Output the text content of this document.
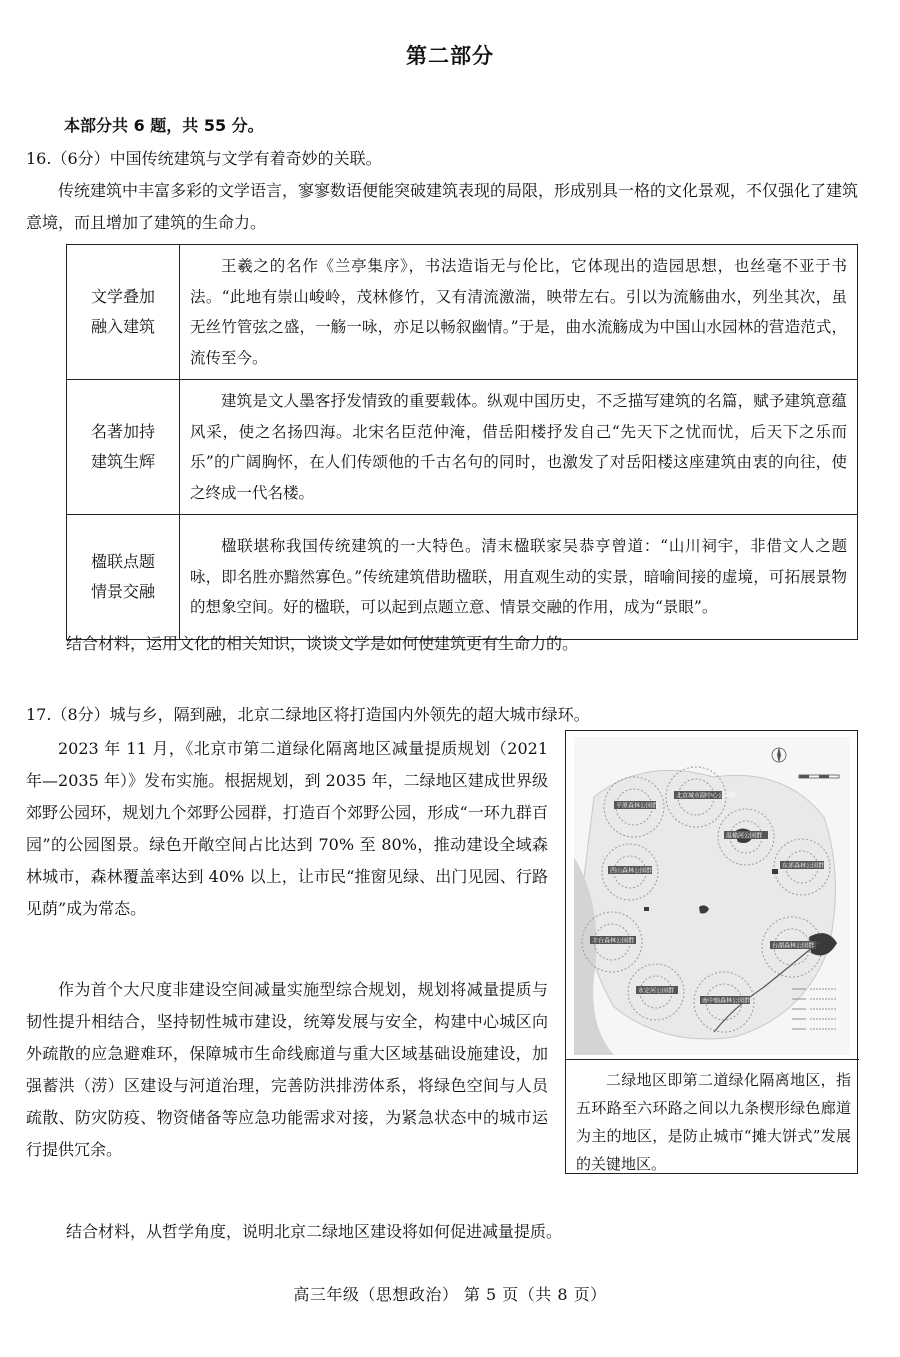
第二部分
本部分共 6 题，共 55 分。
16.（6分）中国传统建筑与文学有着奇妙的关联。
传统建筑中丰富多彩的文学语言，寥寥数语便能突破建筑表现的局限，形成别具一格的文化景观，不仅强化了建筑意境，而且增加了建筑的生命力。
文学叠加
融入建筑	王羲之的名作《兰亭集序》，书法造诣无与伦比，它体现出的造园思想，也丝毫不亚于书法。“此地有崇山峻岭，茂林修竹，又有清流激湍，映带左右。引以为流觞曲水，列坐其次，虽无丝竹管弦之盛，一觞一咏，亦足以畅叙幽情。”于是，曲水流觞成为中国山水园林的营造范式，流传至今。

名著加持
建筑生辉	建筑是文人墨客抒发情致的重要载体。纵观中国历史，不乏描写建筑的名篇，赋予建筑意蕴风采，使之名扬四海。北宋名臣范仲淹，借岳阳楼抒发自己“先天下之忧而忧，后天下之乐而乐”的广阔胸怀，在人们传颂他的千古名句的同时，也激发了对岳阳楼这座建筑由衷的向往，使之终成一代名楼。

楹联点题
情景交融	楹联堪称我国传统建筑的一大特色。清末楹联家吴恭亨曾道：“山川祠宇，非借文人之题咏，即名胜亦黯然寡色。”传统建筑借助楹联，用直观生动的实景，暗喻间接的虚境，可拓展景物的想象空间。好的楹联，可以起到点题立意、情景交融的作用，成为“景眼”。
结合材料，运用文化的相关知识，谈谈文学是如何使建筑更有生命力的。
17.（8分）城与乡，隔到融，北京二绿地区将打造国内外领先的超大城市绿环。
2023 年 11 月，《北京市第二道绿化隔离地区减量提质规划（2021 年—2035 年）》发布实施。根据规划，到 2035 年，二绿地区建成世界级郊野公园环，规划九个郊野公园群，打造百个郊野公园，形成“一环九群百园”的公园图景。绿色开敞空间占比达到 70% 至 80%，推动建设全域森林城市，森林覆盖率达到 40% 以上，让市民“推窗见绿、出门见园、行路见荫”成为常态。
作为首个大尺度非建设空间减量实施型综合规划，规划将减量提质与韧性提升相结合，坚持韧性城市建设，统筹发展与安全，构建中心城区向外疏散的应急避难环，保障城市生命线廊道与重大区域基础设施建设，加强蓄洪（涝）区建设与河道治理，完善防洪排涝体系，将绿色空间与人员疏散、防灾防疫、物资储备等应急功能需求对接，为紧急状态中的城市运行提供冗余。
结合材料，从哲学角度，说明北京二绿地区建设将如何促进减量提质。
平原森林公园群
北京城市副中心公园群
温榆河公园群
东郊森林公园群
西山森林公园群
丰台森林公园群
台湖森林公园群
永定河公园群
南中轴森林公园群
二绿地区即第二道绿化隔离地区，指五环路至六环路之间以九条楔形绿色廊道为主的地区，是防止城市“摊大饼式”发展的关键地区。
高三年级（思想政治） 第 5 页（共 8 页）
